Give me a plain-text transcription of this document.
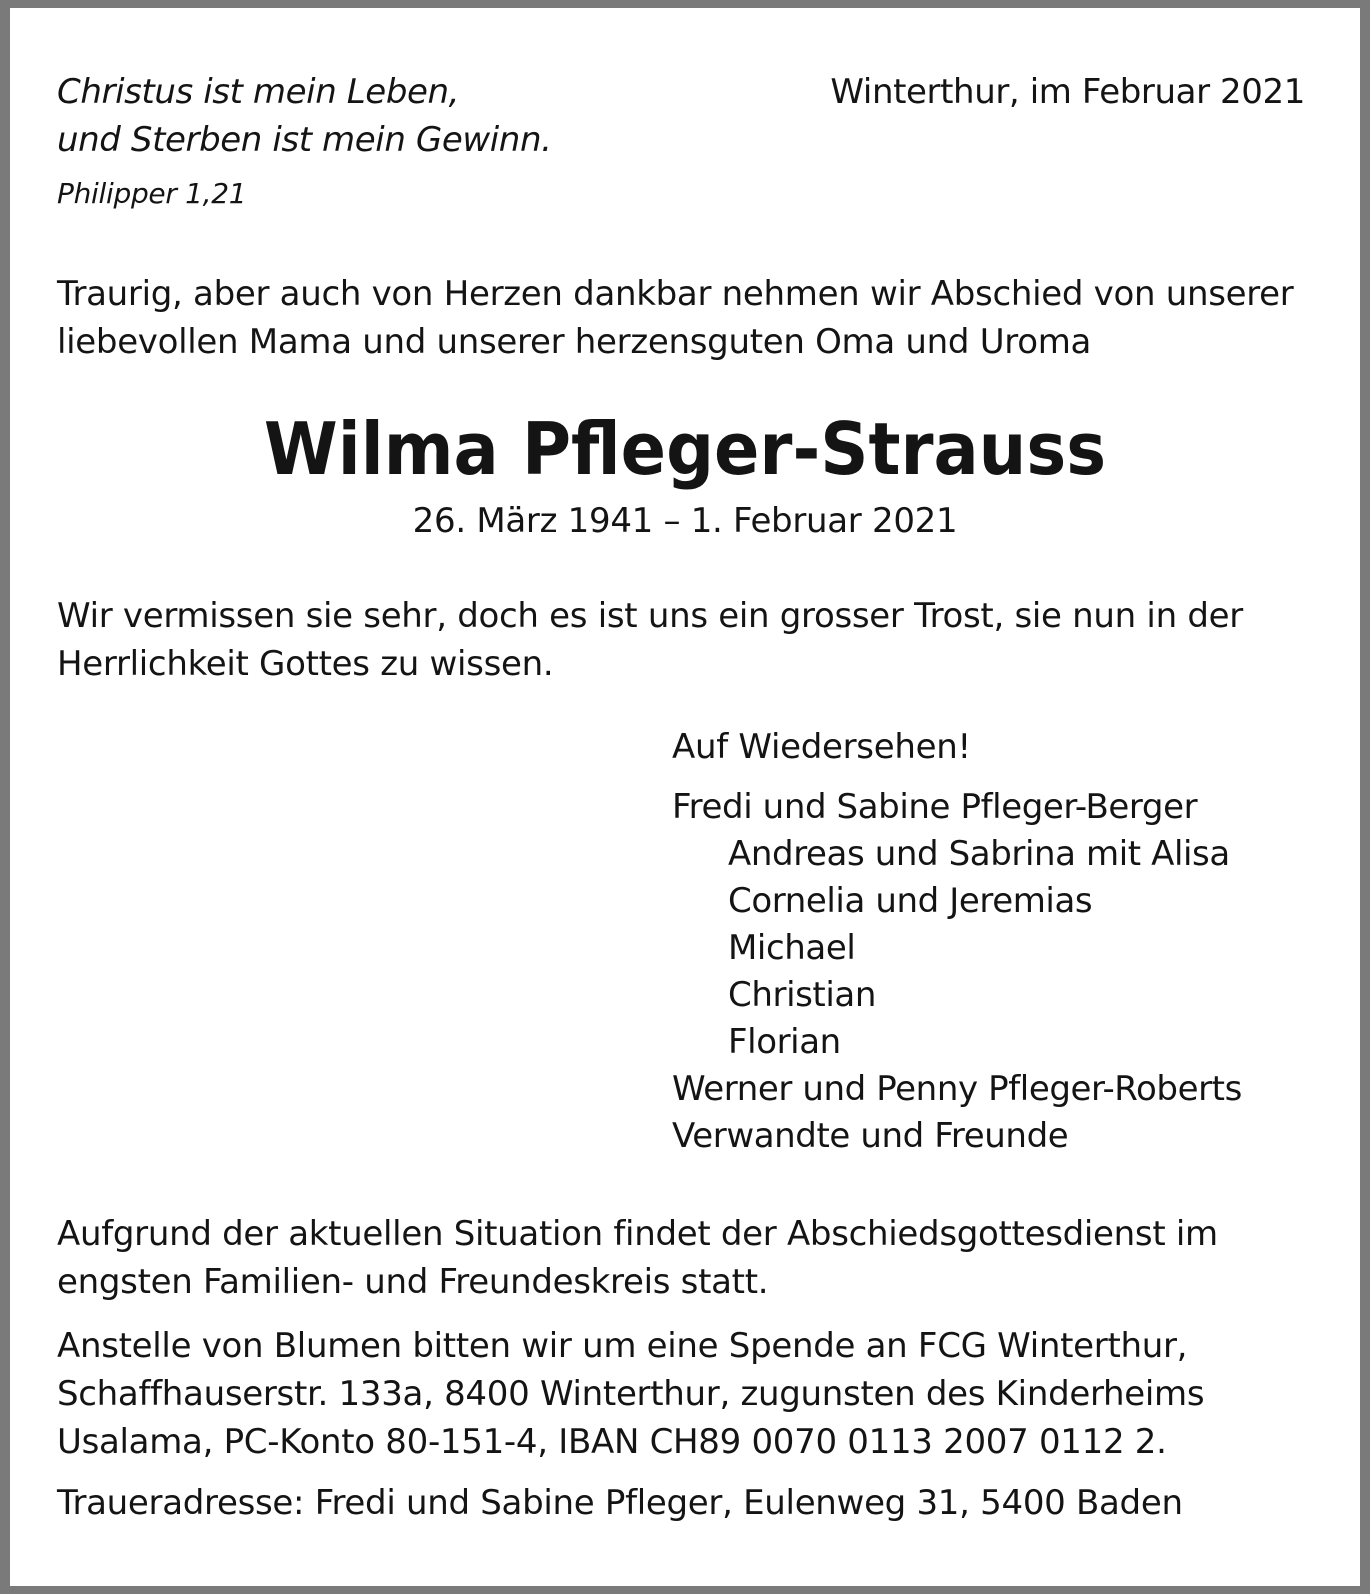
Christus ist mein Leben,
und Sterben ist mein Gewinn.
Philipper 1,21
Winterthur, im Februar 2021
Traurig, aber auch von Herzen dankbar nehmen wir Abschied von unserer
liebevollen Mama und unserer herzensguten Oma und Uroma
Wilma Pfleger-Strauss
26. März 1941 – 1. Februar 2021
Wir vermissen sie sehr, doch es ist uns ein grosser Trost, sie nun in der
Herrlichkeit Gottes zu wissen.
Auf Wiedersehen!
Fredi und Sabine Pfleger-Berger
Andreas und Sabrina mit Alisa
Cornelia und Jeremias
Michael
Christian
Florian
Werner und Penny Pfleger-Roberts
Verwandte und Freunde
Aufgrund der aktuellen Situation findet der Abschiedsgottesdienst im
engsten Familien- und Freundeskreis statt.
Anstelle von Blumen bitten wir um eine Spende an FCG Winterthur,
Schaffhauserstr. 133a, 8400 Winterthur, zugunsten des Kinderheims
Usalama, PC-Konto 80-151-4, IBAN CH89 0070 0113 2007 0112 2.
Traueradresse: Fredi und Sabine Pfleger, Eulenweg 31, 5400 Baden
